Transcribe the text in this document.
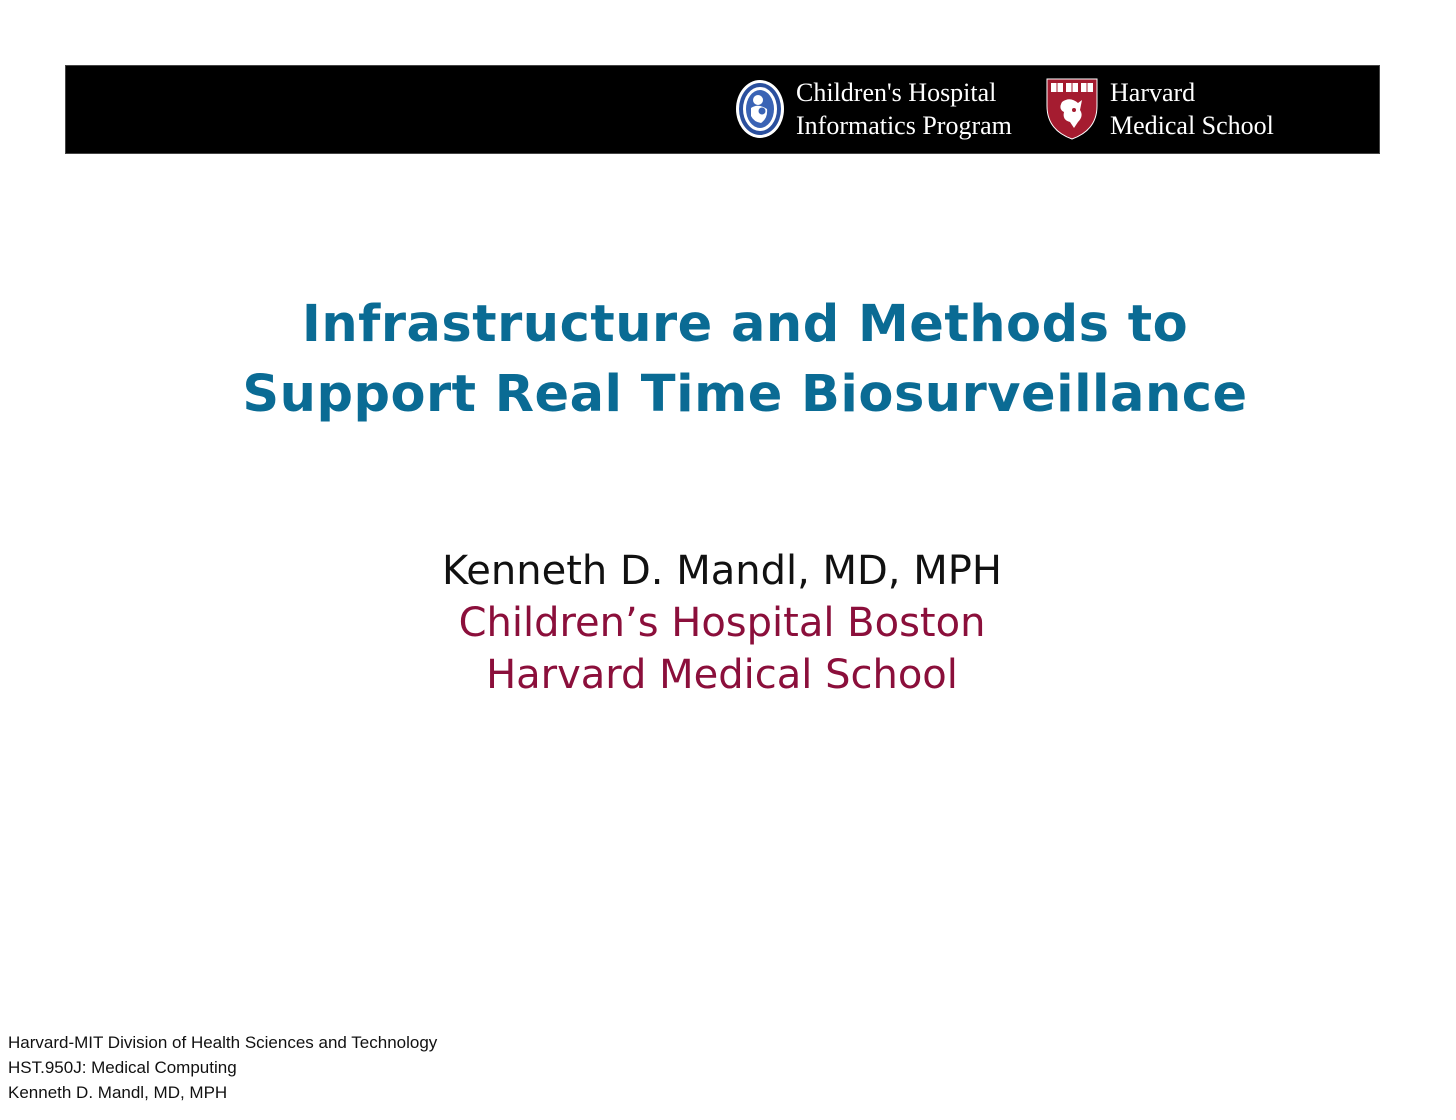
Children's Hospital
Informatics Program
Harvard
Medical School
Infrastructure and Methods to
Support Real Time Biosurveillance
Kenneth D. Mandl, MD, MPH
Children’s Hospital Boston
Harvard Medical School
Harvard-MIT Division of Health Sciences and Technology
HST.950J: Medical Computing
Kenneth D. Mandl, MD, MPH
